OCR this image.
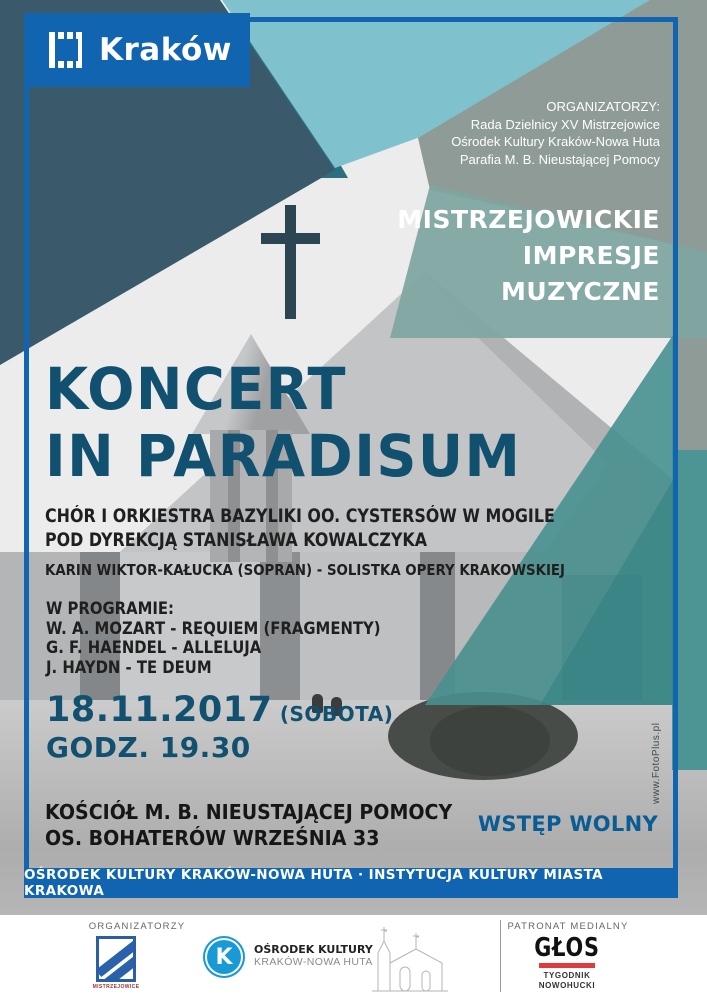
Kraków
ORGANIZATORZY:
Rada Dzielnicy XV Mistrzejowice
Ośrodek Kultury Kraków-Nowa Huta
Parafia M. B. Nieustającej Pomocy
MISTRZEJOWICKIE
IMPRESJE
MUZYCZNE
KONCERT
IN PARADISUM
CHÓR I ORKIESTRA BAZYLIKI OO. CYSTERSÓW W MOGILE
POD DYREKCJĄ STANISŁAWA KOWALCZYKA
KARIN WIKTOR-KAŁUCKA (SOPRAN) - SOLISTKA OPERY KRAKOWSKIEJ
W PROGRAMIE:
W. A. MOZART - REQUIEM (FRAGMENTY)
G. F. HAENDEL - ALLELUJA
J. HAYDN - TE DEUM
18.11.2017 (SOBOTA)
GODZ. 19.30
KOŚCIÓŁ M. B. NIEUSTAJĄCEJ POMOCY
OS. BOHATERÓW WRZEŚNIA 33
WSTĘP WOLNY
www.FotoPlus.pl
OŚRODEK KULTURY KRAKÓW-NOWA HUTA · INSTYTUCJA KULTURY MIASTA KRAKOWA
ORGANIZATORZY	PATRONAT MEDIALNY
MISTRZEJOWICE
K	OŚRODEK KULTURY
KRAKÓW-NOWA HUTA	GŁOS
TYGODNIK
NOWOHUCKI
